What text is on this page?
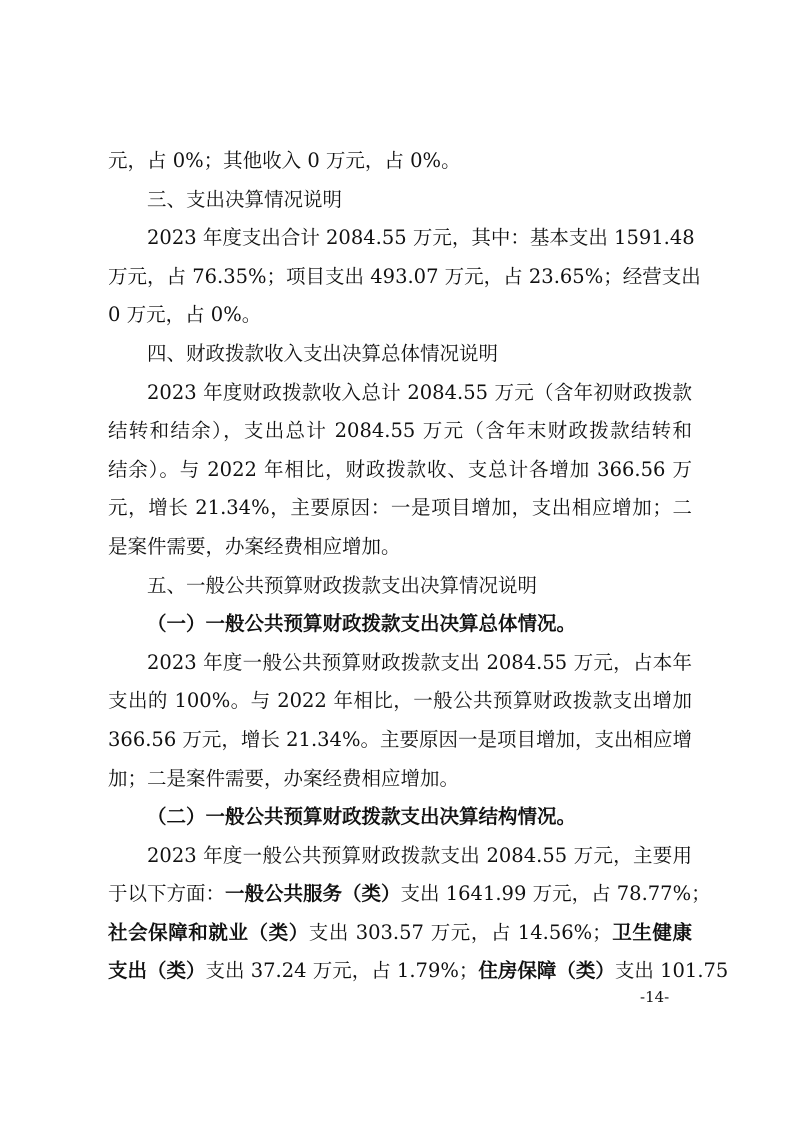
元，占 0%；其他收入 0 万元，占 0%。
三、支出决算情况说明
2023 年度支出合计 2084.55 万元，其中：基本支出 1591.48
万元，占 76.35%；项目支出 493.07 万元，占 23.65%；经营支出
0 万元，占 0%。
四、财政拨款收入支出决算总体情况说明
2023 年度财政拨款收入总计 2084.55 万元（含年初财政拨款
结转和结余），支出总计 2084.55 万元（含年末财政拨款结转和
结余）。与 2022 年相比，财政拨款收、支总计各增加 366.56 万
元，增长 21.34%，主要原因：一是项目增加，支出相应增加；二
是案件需要，办案经费相应增加。
五、一般公共预算财政拨款支出决算情况说明
（一）一般公共预算财政拨款支出决算总体情况。
2023 年度一般公共预算财政拨款支出 2084.55 万元，占本年
支出的 100%。与 2022 年相比，一般公共预算财政拨款支出增加
366.56 万元，增长 21.34%。主要原因一是项目增加，支出相应增
加；二是案件需要，办案经费相应增加。
（二）一般公共预算财政拨款支出决算结构情况。
2023 年度一般公共预算财政拨款支出 2084.55 万元，主要用
于以下方面：一般公共服务（类）支出 1641.99 万元，占 78.77%；
社会保障和就业（类）支出 303.57 万元，占 14.56%；卫生健康
支出（类）支出 37.24 万元，占 1.79%；住房保障（类）支出 101.75
-14-
